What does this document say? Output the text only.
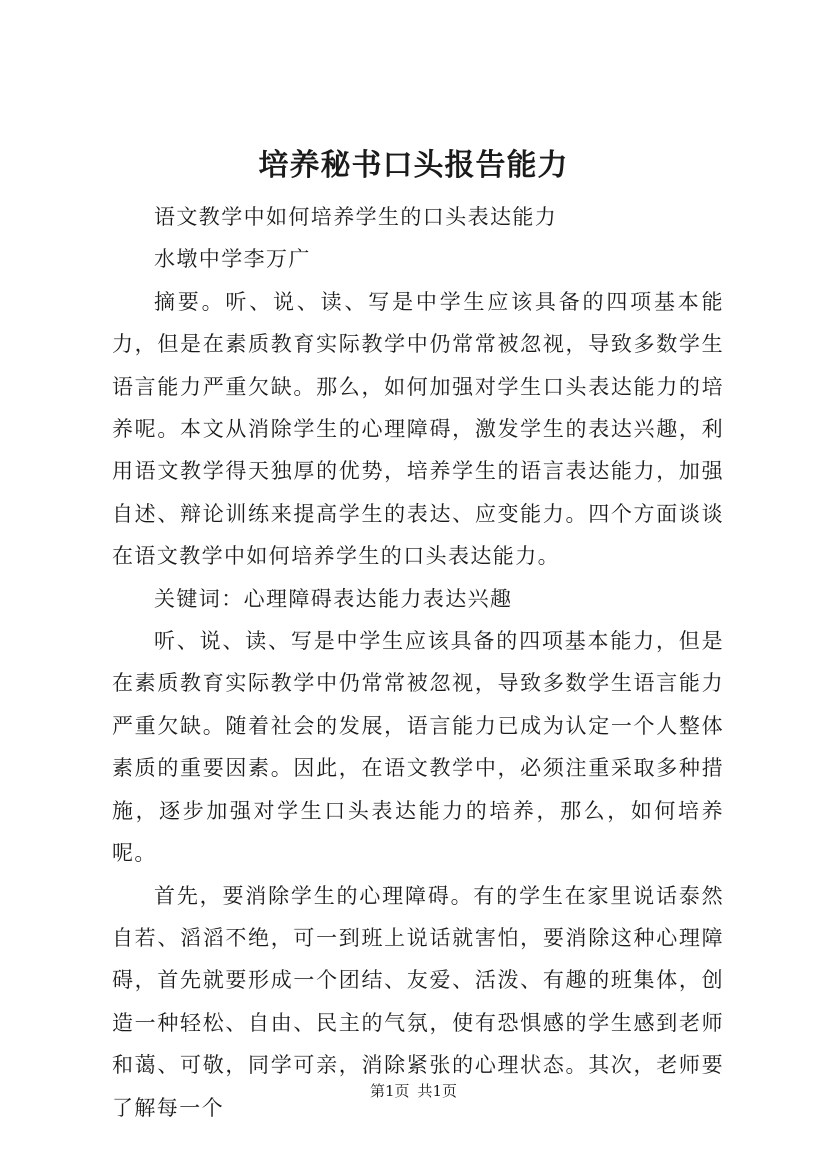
培养秘书口头报告能力

语文教学中如何培养学生的口头表达能力

水墩中学李万广

摘要。听、说、读、写是中学生应该具备的四项基本能力，但是在素质教育实际教学中仍常常被忽视，导致多数学生语言能力严重欠缺。那么，如何加强对学生口头表达能力的培养呢。本文从消除学生的心理障碍，激发学生的表达兴趣，利用语文教学得天独厚的优势，培养学生的语言表达能力，加强自述、辩论训练来提高学生的表达、应变能力。四个方面谈谈在语文教学中如何培养学生的口头表达能力。

关键词：心理障碍表达能力表达兴趣

听、说、读、写是中学生应该具备的四项基本能力，但是在素质教育实际教学中仍常常被忽视，导致多数学生语言能力严重欠缺。随着社会的发展，语言能力已成为认定一个人整体素质的重要因素。因此，在语文教学中，必须注重采取多种措施，逐步加强对学生口头表达能力的培养，那么，如何培养呢。

首先，要消除学生的心理障碍。有的学生在家里说话泰然自若、滔滔不绝，可一到班上说话就害怕，要消除这种心理障碍，首先就要形成一个团结、友爱、活泼、有趣的班集体，创造一种轻松、自由、民主的气氛，使有恐惧感的学生感到老师和蔼、可敬，同学可亲，消除紧张的心理状态。其次，老师要了解每一个

第1页 共1页
